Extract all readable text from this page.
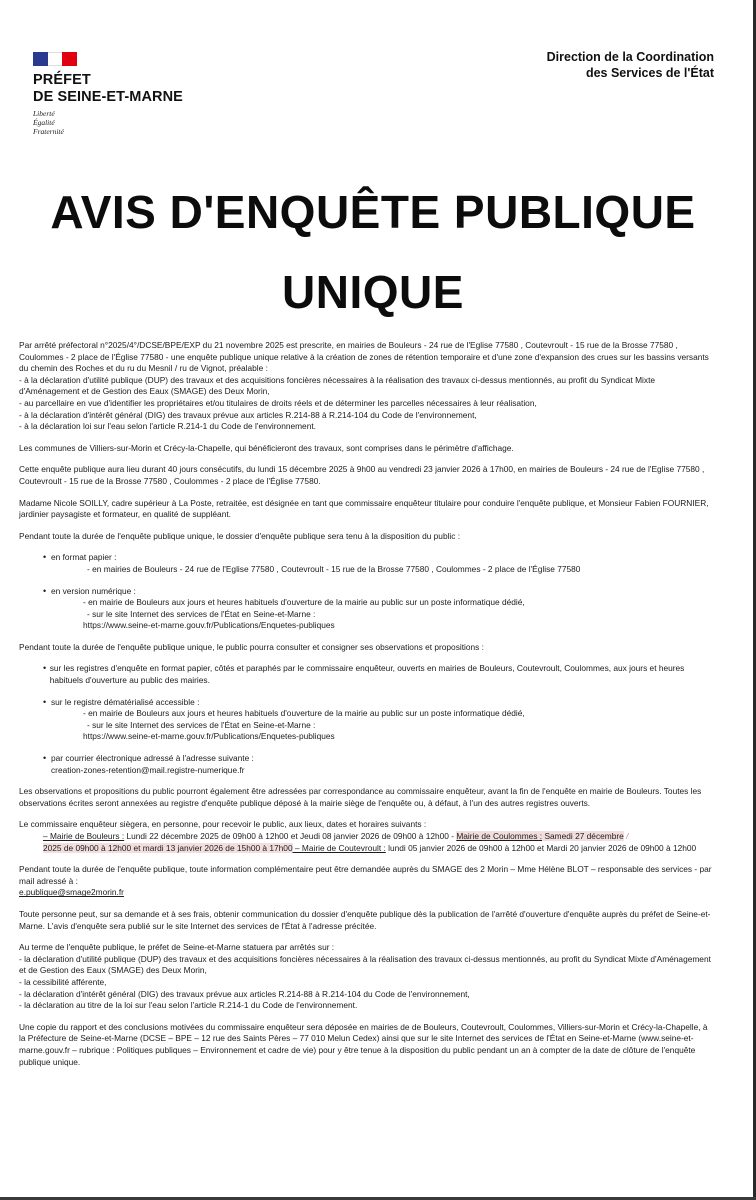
PRÉFET
DE SEINE-ET-MARNE
Liberté
Égalité
Fraternité
Direction de la Coordination
des Services de l'État
AVIS D'ENQUÊTE PUBLIQUE
UNIQUE

Par arrêté préfectoral n°2025/4°/DCSE/BPE/EXP du 21 novembre 2025 est prescrite, en mairies de Bouleurs - 24 rue de l'Eglise 77580 , Coutevroult - 15 rue de la Brosse 77580 , Coulommes - 2 place de l'Église 77580 - une enquête publique unique relative à la création de zones de rétention temporaire et d'une zone d'expansion des crues sur les bassins versants du chemin des Roches et du ru du Mesnil / ru de Vignot, préalable :

- à la déclaration d'utilité publique (DUP) des travaux et des acquisitions foncières nécessaires à la réalisation des travaux ci-dessus mentionnés, au profit du Syndicat Mixte d'Aménagement et de Gestion des Eaux (SMAGE) des Deux Morin,
- au parcellaire en vue d'identifier les propriétaires et/ou titulaires de droits réels et de déterminer les parcelles nécessaires à leur réalisation,
- à la déclaration d'intérêt général (DIG) des travaux prévue aux articles R.214-88 à R.214-104 du Code de l'environnement,
- à la déclaration loi sur l'eau selon l'article R.214-1 du Code de l'environnement.

Les communes de Villiers-sur-Morin et Crécy-la-Chapelle, qui bénéficieront des travaux, sont comprises dans le périmètre d'affichage.

Cette enquête publique aura lieu durant 40 jours consécutifs, du lundi 15 décembre 2025 à 9h00 au vendredi 23 janvier 2026 à 17h00, en mairies de Bouleurs - 24 rue de l'Eglise 77580 , Coutevroult - 15 rue de la Brosse 77580 , Coulommes - 2 place de l'Église 77580.

Madame Nicole SOILLY, cadre supérieur à La Poste, retraitée, est désignée en tant que commissaire enquêteur titulaire pour conduire l'enquête publique, et Monsieur Fabien FOURNIER, jardinier paysagiste et formateur, en qualité de suppléant.

Pendant toute la durée de l'enquête publique unique, le dossier d'enquête publique sera tenu à la disposition du public :

• en format papier :
- en mairies de Bouleurs - 24 rue de l'Eglise 77580 , Coutevroult - 15 rue de la Brosse 77580 , Coulommes - 2 place de l'Église 77580
• en version numérique :
- en mairie de Bouleurs aux jours et heures habituels d'ouverture de la mairie au public sur un poste informatique dédié,
- sur le site Internet des services de l'État en Seine-et-Marne :
https://www.seine-et-marne.gouv.fr/Publications/Enquetes-publiques

Pendant toute la durée de l'enquête publique unique, le public pourra consulter et consigner ses observations et propositions :

• sur les registres d'enquête en format papier, côtés et paraphés par le commissaire enquêteur, ouverts en mairies de Bouleurs, Coutevroult, Coulommes, aux jours et heures habituels d'ouverture au public des mairies.
• sur le registre dématérialisé accessible :
- en mairie de Bouleurs aux jours et heures habituels d'ouverture de la mairie au public sur un poste informatique dédié,
- sur le site Internet des services de l'État en Seine-et-Marne :
https://www.seine-et-marne.gouv.fr/Publications/Enquetes-publiques
• par courrier électronique adressé à l'adresse suivante :
creation-zones-retention@mail.registre-numerique.fr

Les observations et propositions du public pourront également être adressées par correspondance au commissaire enquêteur, avant la fin de l'enquête en mairie de Bouleurs. Toutes les observations écrites seront annexées au registre d'enquête publique déposé à la mairie siège de l'enquête ou, à défaut, à l'un des autres registres ouverts.

Le commissaire enquêteur siègera, en personne, pour recevoir le public, aux lieux, dates et horaires suivants :

– Mairie de Bouleurs : Lundi 22 décembre 2025 de 09h00 à 12h00 et Jeudi 08 janvier 2026 de 09h00 à 12h00 - Mairie de Coulommes : Samedi 27 décembre /
2025 de 09h00 à 12h00 et mardi 13 janvier 2026 de 15h00 à 17h00 – Mairie de Coutevroult : lundi 05 janvier 2026 de 09h00 à 12h00 et Mardi 20 janvier 2026 de 09h00 à 12h00

Pendant toute la durée de l'enquête publique, toute information complémentaire peut être demandée auprès du SMAGE des 2 Morin – Mme Hélène BLOT – responsable des services - par mail adressé à :

e.publique@smage2morin.fr

Toute personne peut, sur sa demande et à ses frais, obtenir communication du dossier d'enquête publique dès la publication de l'arrêté d'ouverture d'enquête auprès du préfet de Seine-et-Marne. L'avis d'enquête sera publié sur le site Internet des services de l'État à l'adresse précitée.

Au terme de l'enquête publique, le préfet de Seine-et-Marne statuera par arrêtés sur :

- la déclaration d'utilité publique (DUP) des travaux et des acquisitions foncières nécessaires à la réalisation des travaux ci-dessus mentionnés, au profit du Syndicat Mixte d'Aménagement et de Gestion des Eaux (SMAGE) des Deux Morin,
- la cessibilité afférente,
- la déclaration d'intérêt général (DIG) des travaux prévue aux articles R.214-88 à R.214-104 du Code de l'environnement,
- la déclaration au titre de la loi sur l'eau selon l'article R.214-1 du Code de l'environnement.

Une copie du rapport et des conclusions motivées du commissaire enquêteur sera déposée en mairies de de Bouleurs, Coutevroult, Coulommes, Villiers-sur-Morin et Crécy-la-Chapelle, à la Préfecture de Seine-et-Marne (DCSE – BPE – 12 rue des Saints Pères – 77 010 Melun Cedex) ainsi que sur le site Internet des services de l'État en Seine-et-Marne (www.seine-et-marne.gouv.fr – rubrique : Politiques publiques – Environnement et cadre de vie) pour y être tenue à la disposition du public pendant un an à compter de la date de clôture de l'enquête publique unique.
